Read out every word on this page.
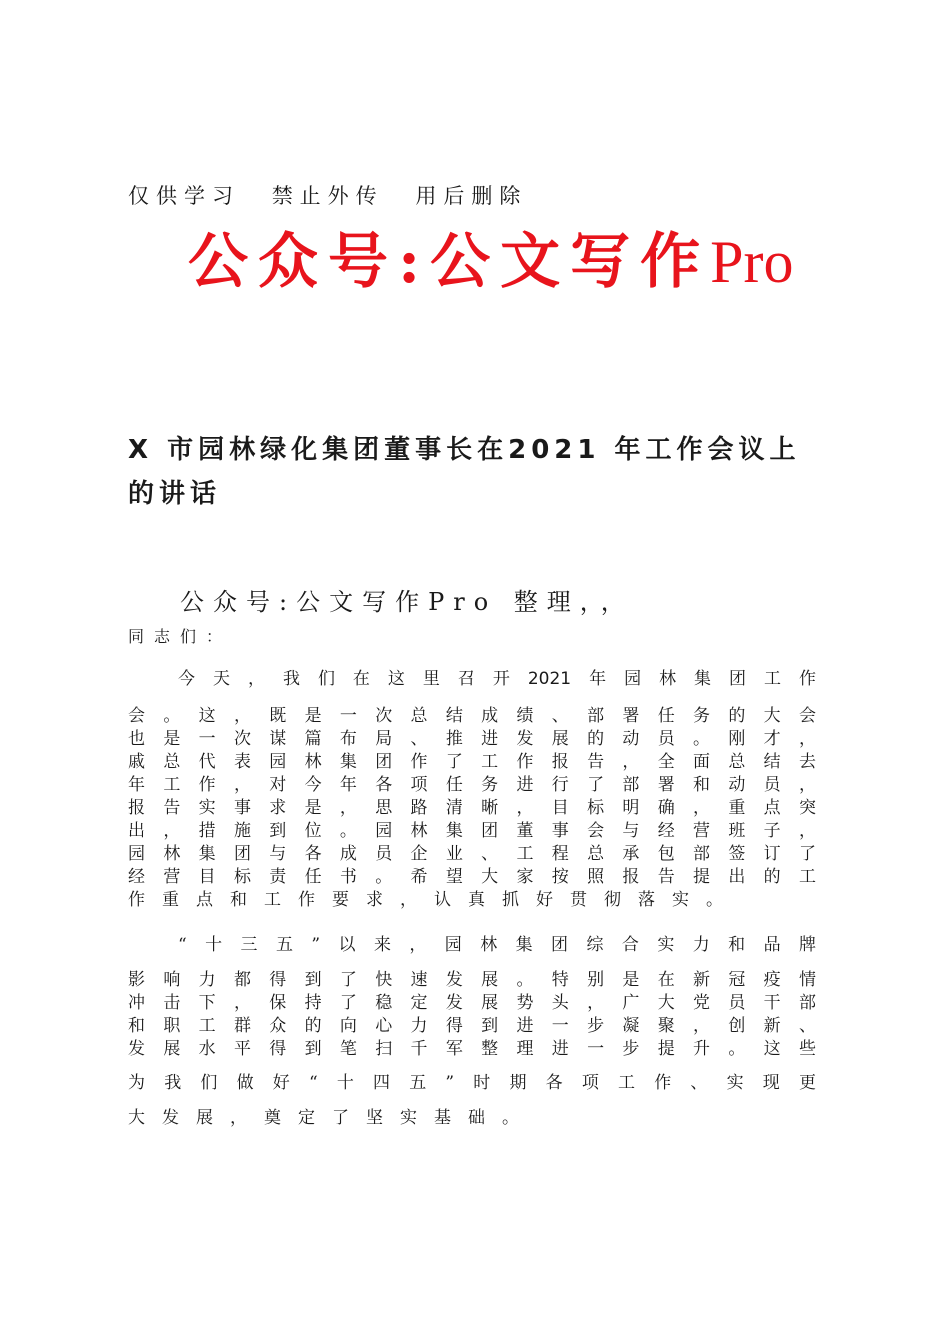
仅供学习 禁止外传 用后删除
公众号:公文写作Pro
X 市园林绿化集团董事长在2021 年工作会议上的讲话
公众号:公文写作Pro 整理，，
同志们：
今 天 ， 我 们 在 这 里 召 开 2021 年 园 林 集 团 工 作
会 。 这 ， 既 是 一 次 总 结 成 绩 、 部 署 任 务 的 大 会
也 是 一 次 谋 篇 布 局 、 推 进 发 展 的 动 员 。 刚 才 ，
戚 总 代 表 园 林 集 团 作 了 工 作 报 告 ， 全 面 总 结 去
年 工 作 ， 对 今 年 各 项 任 务 进 行 了 部 署 和 动 员 ，
报 告 实 事 求 是 ， 思 路 清 晰 ， 目 标 明 确 ， 重 点 突
出 ， 措 施 到 位 。 园 林 集 团 董 事 会 与 经 营 班 子 ，
园 林 集 团 与 各 成 员 企 业 、 工 程 总 承 包 部 签 订 了
经 营 目 标 责 任 书 。 希 望 大 家 按 照 报 告 提 出 的 工
作 重 点 和 工 作 要 求 ， 认 真 抓 好 贯 彻 落 实 。
“ 十 三 五 ” 以 来 ， 园 林 集 团 综 合 实 力 和 品 牌
影 响 力 都 得 到 了 快 速 发 展 。 特 别 是 在 新 冠 疫 情
冲 击 下 ， 保 持 了 稳 定 发 展 势 头 ， 广 大 党 员 干 部
和 职 工 群 众 的 向 心 力 得 到 进 一 步 凝 聚 ， 创 新 、
发 展 水 平 得 到 笔 扫 千 军 整 理 进 一 步 提 升 。 这 些
为 我 们 做 好 “ 十 四 五 ” 时 期 各 项 工 作 、 实 现 更
大 发 展 ， 奠 定 了 坚 实 基 础 。
